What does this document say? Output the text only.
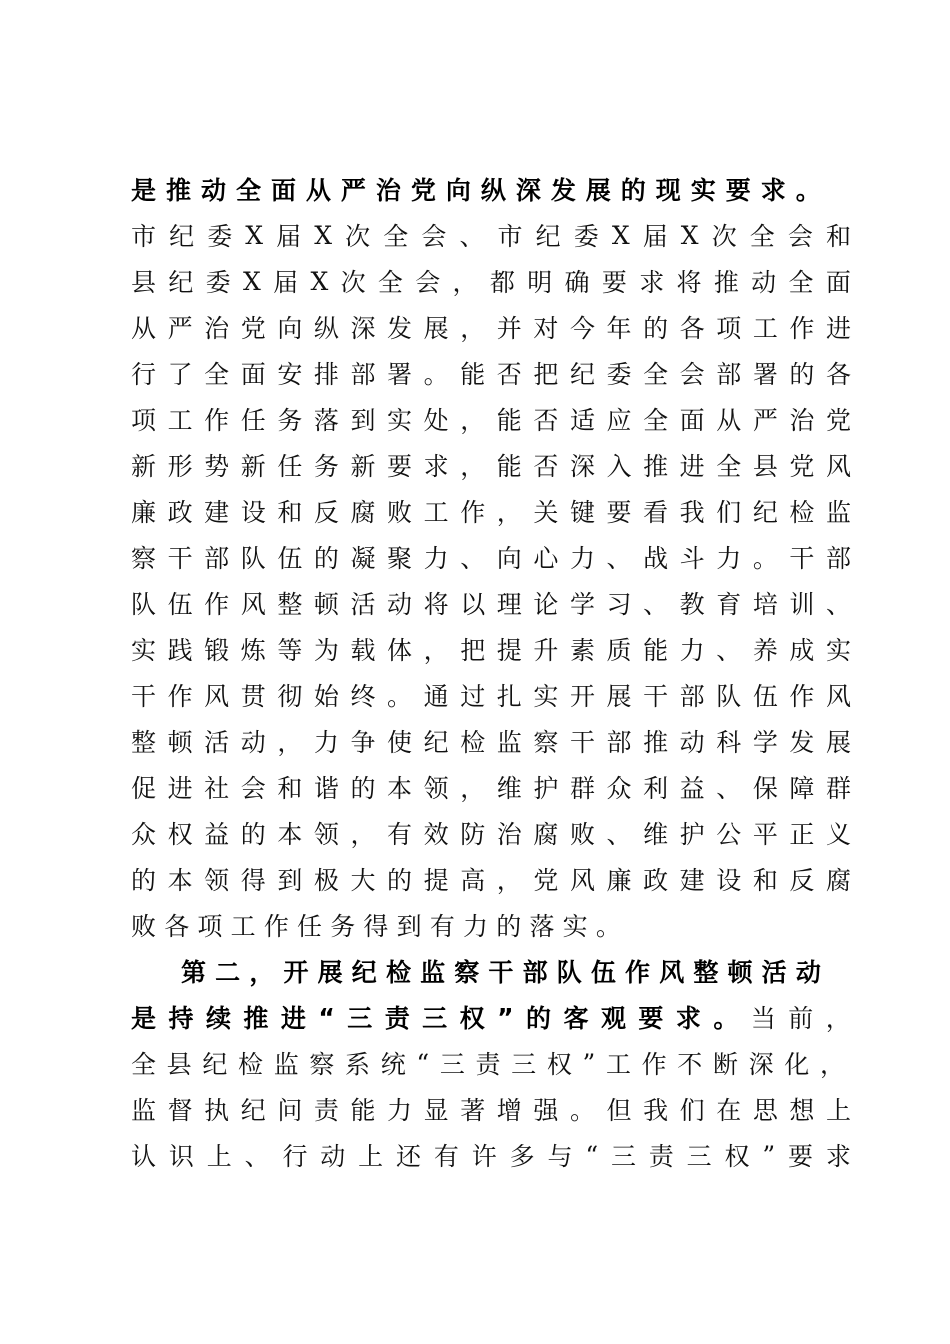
是 推 动 全 面 从 严 治 党 向 纵 深 发 展 的 现 实 要 求 。
市 纪 委 X 届 X 次 全 会 、 市 纪 委 X 届 X 次 全 会 和
县 纪 委 X 届 X 次 全 会 ， 都 明 确 要 求 将 推 动 全 面
从 严 治 党 向 纵 深 发 展 ， 并 对 今 年 的 各 项 工 作 进
行 了 全 面 安 排 部 署 。 能 否 把 纪 委 全 会 部 署 的 各
项 工 作 任 务 落 到 实 处 ， 能 否 适 应 全 面 从 严 治 党
新 形 势 新 任 务 新 要 求 ， 能 否 深 入 推 进 全 县 党 风
廉 政 建 设 和 反 腐 败 工 作 ， 关 键 要 看 我 们 纪 检 监
察 干 部 队 伍 的 凝 聚 力 、 向 心 力 、 战 斗 力 。 干 部
队 伍 作 风 整 顿 活 动 将 以 理 论 学 习 、 教 育 培 训 、
实 践 锻 炼 等 为 载 体 ， 把 提 升 素 质 能 力 、 养 成 实
干 作 风 贯 彻 始 终 。 通 过 扎 实 开 展 干 部 队 伍 作 风
整 顿 活 动 ， 力 争 使 纪 检 监 察 干 部 推 动 科 学 发 展
促 进 社 会 和 谐 的 本 领 ， 维 护 群 众 利 益 、 保 障 群
众 权 益 的 本 领 ， 有 效 防 治 腐 败 、 维 护 公 平 正 义
的 本 领 得 到 极 大 的 提 高 ， 党 风 廉 政 建 设 和 反 腐
败 各 项 工 作 任 务 得 到 有 力 的 落 实 。
第 二 ， 开 展 纪 检 监 察 干 部 队 伍 作 风 整 顿 活 动
是 持 续 推 进 “ 三 责 三 权 ” 的 客 观 要 求 。 当 前 ，
全 县 纪 检 监 察 系 统 “ 三 责 三 权 ” 工 作 不 断 深 化 ，
监 督 执 纪 问 责 能 力 显 著 增 强 。 但 我 们 在 思 想 上
认 识 上 、 行 动 上 还 有 许 多 与 “ 三 责 三 权 ” 要 求
